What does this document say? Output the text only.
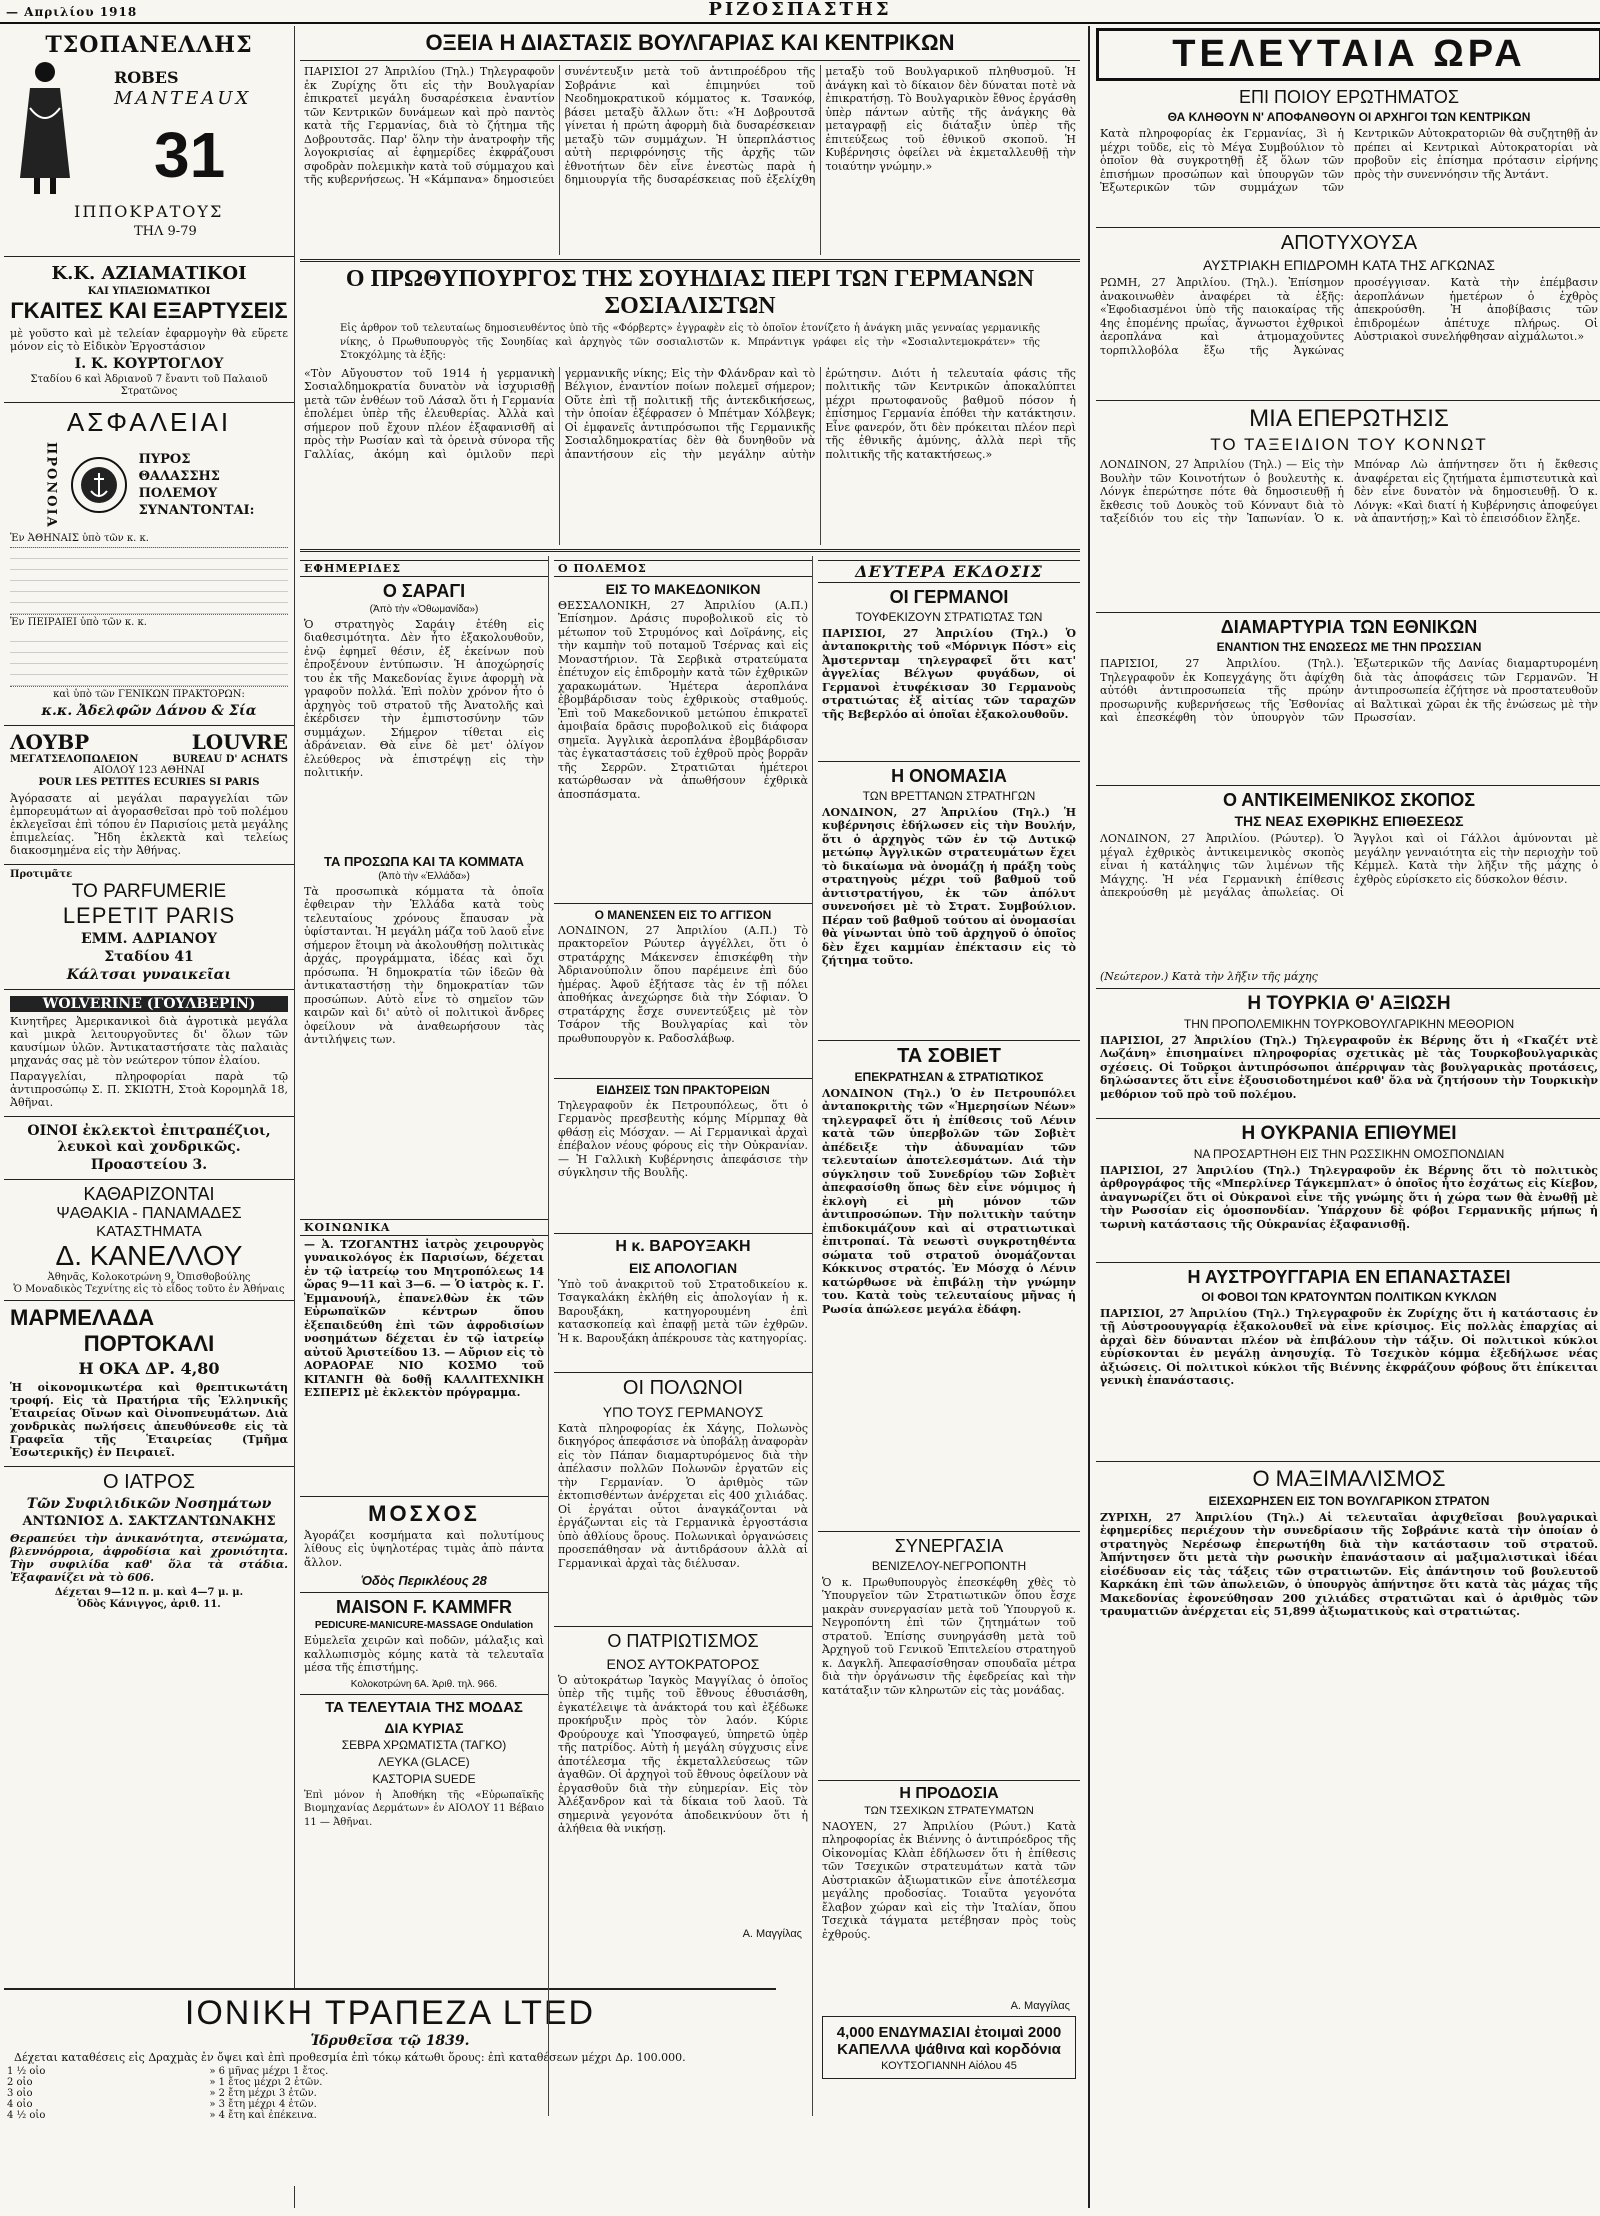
— Απριλίου 1918	ΡΙΖΟΣΠΑΣΤΗΣ
ΤΣΟΠΑΝΕΛΛΗΣ
ROBES
MANTEAUX
31
ΙΠΠΟΚΡΑΤΟΥΣ
ΤΗΛ 9-79
Κ.Κ. ΑΖΙΑΜΑΤΙΚΟΙ
ΚΑΙ ΥΠΑΞΙΩΜΑΤΙΚΟΙ
ΓΚΑΙΤΕΣ ΚΑΙ ΕΞΑΡΤΥΣΕΙΣ
μὲ γοῦστο καὶ μὲ τελείαν ἐφαρμογὴν θὰ εὕρετε μόνον εἰς τὸ Εἰδικὸν Ἐργοστάσιον
Ι. Κ. ΚΟΥΡΤΟΓΛΟΥ
Σταδίου 6 καὶ Ἀδριανοῦ 7 ἔναντι τοῦ Παλαιοῦ Στρατῶνος
ΑΣΦΑΛΕΙΑΙ
ΠΡΟΝΟΙΑ	ΠΥΡΟΣ
ΘΑΛΑΣΣΗΣ
ΠΟΛΕΜΟΥ
ΣΥΝΑΝΤΟΝΤΑΙ:
Ἐν ἈΘΗΝΑΙΣ ὑπὸ τῶν κ. κ.
Ἐν ΠΕΙΡΑΙΕΙ ὑπὸ τῶν κ. κ.
καὶ ὑπὸ τῶν ΓΕΝΙΚΩΝ ΠΡΑΚΤΟΡΩΝ:
κ.κ. Ἀδελφῶν Δάνου & Σία
ΛΟΥΒΡ	LOUVRE
ΜΕΓΑΤΣΕΛΟΠΩΛΕΙΟΝ	BUREAU D' ACHATS
ΑΙΟΛΟΥ 123 ΑΘΗΝΑΙ
POUR LES PETITES ECURIES SI PARIS
Ἀγόρασατε αἱ μεγάλαι παραγγελίαι τῶν ἐμπορευμάτων αἱ ἀγορασθεῖσαι πρὸ τοῦ πολέμου ἐκλεγεῖσαι ἐπὶ τόπου ἐν Παρισίοις μετὰ μεγάλης ἐπιμελείας. Ἤδη ἐκλεκτὰ καὶ τελείως διακοσμημένα εἰς τὴν Ἀθήνας.
Προτιμᾶτε
TO PARFUMERIE
LEPETIT PARIS
ΕΜΜ. ΑΔΡΙΑΝΟΥ
Σταδίου 41
Κάλτσαι γυναικεῖαι
WOLVERINE (ΓΟΥΛΒΕΡΙΝ)
Κινητῆρες Ἀμερικανικοὶ διὰ ἀγροτικὰ μεγάλα καὶ μικρὰ λειτουργοῦντες δι' ὅλων τῶν καυσίμων ὑλῶν. Ἀντικαταστήσατε τὰς παλαιὰς μηχανάς σας μὲ τὸν νεώτερον τύπον ἐλαίου.
Παραγγελίαι, πληροφορίαι παρὰ τῷ ἀντιπροσώπῳ Σ. Π. ΣΚΙΩΤΗ, Στοὰ Κορομηλᾶ 18, Ἀθῆναι.
ΟΙΝΟΙ ἐκλεκτοὶ ἐπιτραπέζιοι, λευκοὶ καὶ χονδρικῶς.
Προαστείου 3.
ΚΑΘΑΡΙΖΟΝΤΑΙ
ΨΑΘΑΚΙΑ - ΠΑΝΑΜΑΔΕΣ
ΚΑΤΑΣΤΗΜΑΤΑ
Δ. ΚΑΝΕΛΛΟΥ
Ἀθηνᾶς, Κολοκοτρώνη 9, Ὀπισθοβούλης
Ὁ Μοναδικὸς Τεχνίτης εἰς τὸ εἶδος τοῦτο ἐν Ἀθήναις
ΜΑΡΜΕΛΑΔΑ
ΠΟΡΤΟΚΑΛΙ
Η ΟΚΑ ΔΡ. 4,80
Ἡ οἰκονομικωτέρα καὶ θρεπτικωτάτη τροφή. Εἰς τὰ Πρατήρια τῆς Ἑλληνικῆς Ἑταιρείας Οἴνων καὶ Οἰνοπνευμάτων. Διὰ χονδρικὰς πωλήσεις ἀπευθύνεσθε εἰς τὰ Γραφεῖα τῆς Ἑταιρείας (Τμῆμα Ἐσωτερικῆς) ἐν Πειραιεῖ.
Ο ΙΑΤΡΟΣ
Τῶν Συφιλιδικῶν Νοσημάτων
ΑΝΤΩΝΙΟΣ Δ. ΣΑΚΤΖΑΝΤΩΝΑΚΗΣ
Θεραπεύει τὴν ἀνικανότητα, στενώματα, βλεννόρροια, ἀφροδίσια καὶ χρονιότητα. Τὴν συφιλίδα καθ' ὅλα τὰ στάδια. Ἐξαφανίζει νὰ τὸ 606.
Δέχεται 9—12 π. μ. καὶ 4—7 μ. μ.
Ὁδὸς Κάνιγγος, ἀριθ. 11.
ΙΟΝΙΚΗ ΤΡΑΠΕΖΑ LTED
Ἱδρυθεῖσα τῷ 1839.
Δέχεται καταθέσεις εἰς Δραχμὰς ἐν ὄψει καὶ ἐπὶ προθεσμία ἐπὶ τόκῳ κάτωθι ὅρους: ἐπὶ καταθέσεων μέχρι Δρ. 100.000.
1 ½ οἰο	» 6 μῆνας μέχρι 1 ἔτος.
2 οἰο	» 1 ἔτος μέχρι 2 ἐτῶν.
3 οἰο	» 2 ἔτη μέχρι 3 ἐτῶν.
4 οἰο	» 3 ἔτη μέχρι 4 ἐτῶν.
4 ½ οἰο	» 4 ἔτη καὶ ἐπέκεινα.
ΟΞΕΙΑ Η ΔΙΑΣΤΑΣΙΣ ΒΟΥΛΓΑΡΙΑΣ ΚΑΙ ΚΕΝΤΡΙΚΩΝ
ΠΑΡΙΣΙΟΙ 27 Ἀπριλίου (Τηλ.) Τηλεγραφοῦν ἐκ Ζυρίχης ὅτι εἰς τὴν Βουλγαρίαν ἐπικρατεῖ μεγάλη δυσαρέσκεια ἐναντίον τῶν Κεντρικῶν δυνάμεων καὶ πρὸ παντὸς κατὰ τῆς Γερμανίας, διὰ τὸ ζήτημα τῆς Δοβρουτσᾶς. Παρ' ὅλην τὴν ἀνατροφὴν τῆς λογοκρισίας αἱ ἐφημερίδες ἐκφράζουσι σφοδρὰν πολεμικὴν κατὰ τοῦ σύμμαχου καὶ τῆς κυβερνήσεως. Ἡ «Κάμπανα» δημοσιεύει συνέντευξιν μετὰ τοῦ ἀντιπροέδρου τῆς Σοβράνιε καὶ ἐπιμηνύει τοῦ Νεοδημοκρατικοῦ κόμματος κ. Τσανκόφ, βάσει μεταξὺ ἄλλων ὅτι: «Ἡ Δοβρουτσᾶ γίνεται ἡ πρώτη ἀφορμὴ διὰ δυσαρέσκειαν μεταξὺ τῶν συμμάχων. Ἡ ὑπερπλάστιος αὐτὴ περιφρόνησις τῆς ἀρχῆς τῶν ἐθνοτήτων δὲν εἶνε ἐνεστὼς παρὰ ἡ δημιουργία τῆς δυσαρέσκειας ποῦ ἐξελίχθη μεταξὺ τοῦ Βουλγαρικοῦ πληθυσμοῦ. Ἡ ἀνάγκη καὶ τὸ δίκαιον δὲν δύναται ποτὲ νὰ ἐπικρατήσῃ. Τὸ Βουλγαρικὸν ἔθνος ἐργάσθη ὑπὲρ πάντων αὐτῆς τῆς ἀνάγκης θὰ μεταγραφῇ εἰς διάταξιν ὑπὲρ τῆς ἐπιτεύξεως τοῦ ἐθνικοῦ σκοποῦ. Ἡ Κυβέρνησις ὀφείλει νὰ ἐκμεταλλευθῇ τὴν τοιαύτην γνώμην.»
Ο ΠΡΩΘΥΠΟΥΡΓΟΣ ΤΗΣ ΣΟΥΗΔΙΑΣ ΠΕΡΙ ΤΩΝ ΓΕΡΜΑΝΩΝ ΣΟΣΙΑΛΙΣΤΩΝ
Εἰς ἀρθρον τοῦ τελευταίως δημοσιευθέντος ὑπὸ τῆς «Φόρβερτς» ἐγγραφὲν εἰς τὸ ὁποῖον ἐτονίζετο ἡ ἀνάγκη μιᾶς γενναίας γερμανικῆς νίκης, ὁ Πρωθυπουργὸς τῆς Σουηδίας καὶ ἀρχηγὸς τῶν σοσιαλιστῶν κ. Μπράντιγκ γράφει εἰς τὴν «Σοσιαλντεμοκράτεν» τῆς Στοκχόλμης τὰ ἑξῆς:
«Τὸν Αὔγουστον τοῦ 1914 ἡ γερμανικὴ Σοσιαλδημοκρατία δυνατὸν νὰ ἰσχυρισθῇ μετὰ τῶν ἐνθέων τοῦ Λάσαλ ὅτι ἡ Γερμανία ἐπολέμει ὑπὲρ τῆς ἐλευθερίας. Ἀλλὰ καὶ σήμερον ποῦ ἔχουν πλέον ἐξαφανισθῆ αἱ πρὸς τὴν Ρωσίαν καὶ τὰ ὁρεινὰ σύνορα τῆς Γαλλίας, ἀκόμη καὶ ὁμιλοῦν περὶ γερμανικῆς νίκης; Εἰς τὴν Φλάνδραν καὶ τὸ Βέλγιον, ἐναντίον ποίων πολεμεῖ σήμερον; Οὔτε ἐπὶ τῇ πολιτικῇ τῆς ἀντεκδικήσεως, τὴν ὁποίαν ἐξέφρασεν ὁ Μπέτμαν Χόλβεγκ; Οἱ ἐμφανεῖς ἀντιπρόσωποι τῆς Γερμανικῆς Σοσιαλδημοκρατίας δὲν θὰ δυνηθοῦν νὰ ἀπαντήσουν εἰς τὴν μεγάλην αὐτὴν ἐρώτησιν. Διότι ἡ τελευταία φάσις τῆς πολιτικῆς τῶν Κεντρικῶν ἀποκαλύπτει μέχρι πρωτοφανοῦς βαθμοῦ πόσον ἡ ἐπίσημος Γερμανία ἐπόθει τὴν κατάκτησιν. Εἶνε φανερόν, ὅτι δὲν πρόκειται πλέον περὶ τῆς ἐθνικῆς ἀμύνης, ἀλλὰ περὶ τῆς πολιτικῆς τῆς κατακτήσεως.»
ΕΦΗΜΕΡΙΔΕΣ
Ο ΣΑΡΑΓΙ
(Ἀπὸ τὴν «Ὀθωμανίδα»)
Ὁ στρατηγὸς Σαράιγ ἐτέθη εἰς διαθεσιμότητα. Δὲν ἦτο ἐξακολουθοῦν, ἐνῷ ἐφημεῖ θέσιν, ἐξ ἐκείνων ποὺ ἐπροξένουν ἐντύπωσιν. Ἡ ἀποχώρησίς του ἐκ τῆς Μακεδονίας ἔγινε ἀφορμὴ νὰ γραφοῦν πολλά. Ἐπὶ πολὺν χρόνον ἦτο ὁ ἀρχηγὸς τοῦ στρατοῦ τῆς Ἀνατολῆς καὶ ἐκέρδισεν τὴν ἐμπιστοσύνην τῶν συμμάχων. Σήμερον τίθεται εἰς ἀδράνειαν. Θὰ εἶνε δὲ μετ' ὀλίγον ἐλεύθερος νὰ ἐπιστρέψῃ εἰς τὴν πολιτικήν.
ΤΑ ΠΡΟΣΩΠΑ ΚΑΙ ΤΑ ΚΟΜΜΑΤΑ
(Ἀπὸ τὴν «Ἑλλάδα»)
Τὰ προσωπικὰ κόμματα τὰ ὁποῖα ἐφθειραν τὴν Ἑλλάδα κατὰ τοὺς τελευταίους χρόνους ἔπαυσαν νὰ ὑφίστανται. Ἡ μεγάλη μάζα τοῦ λαοῦ εἶνε σήμερον ἕτοιμη νὰ ἀκολουθήσῃ πολιτικὰς ἀρχάς, προγράμματα, ἰδέας καὶ ὄχι πρόσωπα. Ἡ δημοκρατία τῶν ἰδεῶν θὰ ἀντικαταστήσῃ τὴν δημοκρατίαν τῶν προσώπων. Αὐτὸ εἶνε τὸ σημεῖον τῶν καιρῶν καὶ δι' αὐτὸ οἱ πολιτικοὶ ἄνδρες ὀφείλουν νὰ ἀναθεωρήσουν τὰς ἀντιλήψεις των.
ΚΟΙΝΩΝΙΚΑ
— Ἀ. ΤΖΟΓΑΝΤΗΣ ἰατρὸς χειρουργὸς γυναικολόγος ἐκ Παρισίων, δέχεται ἐν τῷ ἰατρείῳ του Μητροπόλεως 14 ὥρας 9—11 καὶ 3—6. — Ὁ ἰατρὸς κ. Γ. Ἐμμανουήλ, ἐπανελθὼν ἐκ τῶν Εὐρωπαϊκῶν κέντρων ὅπου ἐξεπαιδεύθη ἐπὶ τῶν ἀφροδισίων νοσημάτων δέχεται ἐν τῷ ἰατρείῳ αὐτοῦ Ἀριστείδου 13. — Αὔριον εἰς τὸ ΑΟΡΑΟΡΑΕ ΝΙΟ ΚΟΣΜΟ τοῦ ΚΙΤΑΝΓΗ θὰ δοθῇ ΚΑΛΛΙΤΕΧΝΙΚΗ ΕΣΠΕΡΙΣ μὲ ἐκλεκτὸν πρόγραμμα.
ΜΟΣΧΟΣ
Ἀγοράζει κοσμήματα καὶ πολυτίμους λίθους εἰς ὑψηλοτέρας τιμὰς ἀπὸ πάντα ἄλλον.
Ὁδὸς Περικλέους 28
MAISON F. KAMMFR
PEDICURE-MANICURE-MASSAGE Ondulation
Εὐμελεῖα χειρῶν καὶ ποδῶν, μάλαξις καὶ καλλωπισμὸς κόμης κατὰ τὰ τελευταῖα μέσα τῆς ἐπιστήμης.
Κολοκοτρώνη 6Α. Ἀριθ. τηλ. 966.
ΤΑ ΤΕΛΕΥΤΑΙΑ ΤΗΣ ΜΟΔΑΣ
ΔΙΑ ΚΥΡΙΑΣ
ΣΕΒΡΑ ΧΡΩΜΑΤΙΣΤΑ (ΤΑΓΚΟ)
ΛΕΥΚΑ (GLACE)
ΚΑΣΤΟΡΙΑ SUEDE
Ἐπὶ μόνον ἡ Ἀποθήκη τῆς «Εὐρωπαϊκῆς Βιομηχανίας Δερμάτων» ἐν ΑΙΟΛΟΥ 11 Βέβαιο 11 — Ἀθῆναι.
Ο ΠΟΛΕΜΟΣ
ΕΙΣ ΤΟ ΜΑΚΕΔΟΝΙΚΟΝ
ΘΕΣΣΑΛΟΝΙΚΗ, 27 Ἀπριλίου (Α.Π.) Ἐπίσημον. Δράσις πυροβολικοῦ εἰς τὸ μέτωπον τοῦ Στρυμόνος καὶ Δοϊράνης, εἰς τὴν καμπὴν τοῦ ποταμοῦ Τσέρνας καὶ εἰς Μοναστήριον. Τὰ Σερβικὰ στρατεύματα ἐπέτυχον εἰς ἐπιδρομὴν κατὰ τῶν ἐχθρικῶν χαρακωμάτων. Ἡμέτερα ἀεροπλάνα ἐβομβάρδισαν τοὺς ἐχθρικοὺς σταθμούς. Ἐπὶ τοῦ Μακεδονικοῦ μετώπου ἐπικρατεῖ ἀμοιβαία δρᾶσις πυροβολικοῦ εἰς διάφορα σημεῖα. Ἀγγλικὰ ἀεροπλάνα ἐβομβάρδισαν τὰς ἐγκαταστάσεις τοῦ ἐχθροῦ πρὸς βορρᾶν τῆς Σερρῶν. Στρατιῶται ἡμέτεροι κατώρθωσαν νὰ ἀπωθήσουν ἐχθρικὰ ἀποσπάσματα.
Ο ΜΑΝΕΝΣΕΝ ΕΙΣ ΤΟ ΑΓΓΙΣΟΝ
ΛΟΝΔΙΝΟΝ, 27 Ἀπριλίου (Α.Π.) Τὸ πρακτορεῖον Ρώυτερ ἀγγέλλει, ὅτι ὁ στρατάρχης Μάκενσεν ἐπισκέφθη τὴν Ἀδριανούπολιν ὅπου παρέμεινε ἐπὶ δύο ἡμέρας. Ἀφοῦ ἐξήτασε τὰς ἐν τῇ πόλει ἀποθήκας ἀνεχώρησε διὰ τὴν Σόφιαν. Ὁ στρατάρχης ἔσχε συνεντεύξεις μὲ τὸν Τσάρον τῆς Βουλγαρίας καὶ τὸν πρωθυπουργὸν κ. Ραδοσλάβωφ.
ΕΙΔΗΣΕΙΣ ΤΩΝ ΠΡΑΚΤΟΡΕΙΩΝ
Τηλεγραφοῦν ἐκ Πετρουπόλεως, ὅτι ὁ Γερμανὸς πρεσβευτὴς κόμης Μίρμπαχ θὰ φθάσῃ εἰς Μόσχαν. — Αἱ Γερμανικαὶ ἀρχαὶ ἐπέβαλον νέους φόρους εἰς τὴν Οὐκρανίαν. — Ἡ Γαλλικὴ Κυβέρνησις ἀπεφάσισε τὴν σύγκλησιν τῆς Βουλῆς.
Η κ. ΒΑΡΟΥΞΑΚΗ
ΕΙΣ ΑΠΟΛΟΓΙΑΝ
Ὑπὸ τοῦ ἀνακριτοῦ τοῦ Στρατοδικείου κ. Τσαγκαλάκη ἐκλήθη εἰς ἀπολογίαν ἡ κ. Βαρουξάκη, κατηγορουμένη ἐπὶ κατασκοπείᾳ καὶ ἐπαφῇ μετὰ τῶν ἐχθρῶν. Ἡ κ. Βαρουξάκη ἀπέκρουσε τὰς κατηγορίας.
ΟΙ ΠΟΛΩΝΟΙ
ΥΠΟ ΤΟΥΣ ΓΕΡΜΑΝΟΥΣ
Κατὰ πληροφορίας ἐκ Χάγης, Πολωνὸς δικηγόρος ἀπεφάσισε νὰ ὑποβάλῃ ἀναφορὰν εἰς τὸν Πάπαν διαμαρτυρόμενος διὰ τὴν ἀπέλασιν πολλῶν Πολωνῶν ἐργατῶν εἰς τὴν Γερμανίαν. Ὁ ἀριθμὸς τῶν ἐκτοπισθέντων ἀνέρχεται εἰς 400 χιλιάδας. Οἱ ἐργάται οὗτοι ἀναγκάζονται νὰ ἐργάζωνται εἰς τὰ Γερμανικὰ ἐργοστάσια ὑπὸ ἀθλίους ὅρους. Πολωνικαὶ ὀργανώσεις προσεπάθησαν νὰ ἀντιδράσουν ἀλλὰ αἱ Γερμανικαὶ ἀρχαὶ τὰς διέλυσαν.
Ο ΠΑΤΡΙΩΤΙΣΜΟΣ
ΕΝΟΣ ΑΥΤΟΚΡΑΤΟΡΟΣ
Ὁ αὐτοκράτωρ Ἰαγκὸς Μαγγίλας ὁ ὁποῖος ὑπὲρ τῆς τιμῆς τοῦ ἔθνους ἐθυσιάσθη, ἐγκατέλειψε τὰ ἀνάκτορά του καὶ ἐξέδωκε προκήρυξιν πρὸς τὸν λαόν. Κύριε Φρούρουχε καὶ Ὑποσφαγεύ, ὑπηρετῶ ὑπὲρ τῆς πατρίδος. Αὐτὴ ἡ μεγάλη σύγχυσις εἶνε ἀποτέλεσμα τῆς ἐκμεταλλεύσεως τῶν ἀγαθῶν. Οἱ ἀρχηγοὶ τοῦ ἔθνους ὀφείλουν νὰ ἐργασθοῦν διὰ τὴν εὐημερίαν. Εἰς τὸν Ἀλέξανδρον καὶ τὰ δίκαια τοῦ λαοῦ. Τὰ σημερινὰ γεγονότα ἀποδεικνύουν ὅτι ἡ ἀλήθεια θὰ νικήσῃ.
Α. Μαγγίλας
ΔΕΥΤΕΡΑ ΕΚΔΟΣΙΣ
ΟΙ ΓΕΡΜΑΝΟΙ
ΤΟΥΦΕΚΙΖΟΥΝ ΣΤΡΑΤΙΩΤΑΣ ΤΩΝ
ΠΑΡΙΣΙΟΙ, 27 Ἀπριλίου (Τηλ.) Ὁ ἀνταποκριτὴς τοῦ «Μόρνιγκ Πόστ» εἰς Ἀμστερνταμ τηλεγραφεῖ ὅτι κατ' ἀγγελίας Βέλγων φυγάδων, οἱ Γερμανοὶ ἐτυφέκισαν 30 Γερμανοὺς στρατιώτας ἐξ αἰτίας τῶν ταραχῶν τῆς Βεβερλόο αἱ ὁποῖαι ἐξακολουθοῦν.
Η ΟΝΟΜΑΣΙΑ
ΤΩΝ ΒΡΕΤΤΑΝΩΝ ΣΤΡΑΤΗΓΩΝ
ΛΟΝΔΙΝΟΝ, 27 Ἀπριλίου (Τηλ.) Ἡ κυβέρνησις ἐδήλωσεν εἰς τὴν Βουλήν, ὅτι ὁ ἀρχηγὸς τῶν ἐν τῷ Δυτικῷ μετώπῳ Ἀγγλικῶν στρατευμάτων ἔχει τὸ δικαίωμα νὰ ὀνομάζῃ ἡ πράξη τοὺς στρατηγοὺς μέχρι τοῦ βαθμοῦ τοῦ ἀντιστρατήγου, ἐκ τῶν ἀπόλυτ συνενοήσει μὲ τὸ Στρατ. Συμβούλιον. Πέραν τοῦ βαθμοῦ τούτου αἱ ὀνομασίαι θὰ γίνωνται ὑπὸ τοῦ ἀρχηγοῦ ὁ ὁποῖος δὲν ἔχει καμμίαν ἐπέκτασιν εἰς τὸ ζήτημα τοῦτο.
ΤΑ ΣΟΒΙΕΤ
ΕΠΕΚΡΑΤΗΣΑΝ & ΣΤΡΑΤΙΩΤΙΚΟΣ
ΛΟΝΔΙΝΟΝ (Τηλ.) Ὁ ἐν Πετρουπόλει ἀνταποκριτὴς τῶν «Ἡμερησίων Νέων» τηλεγραφεῖ ὅτι ἡ ἐπίθεσις τοῦ Λένιν κατὰ τῶν ὑπερβολῶν τῶν Σοβιὲτ ἀπέδειξε τὴν ἀδυναμίαν τῶν τελευταίων ἀποτελεσμάτων. Διά τὴν σύγκλησιν τοῦ Συνεδρίου τῶν Σοβιὲτ ἀπεφασίσθη ὅπως δὲν εἶνε νόμιμος ἡ ἐκλογὴ εἰ μὴ μόνον τῶν ἀντιπροσώπων. Τὴν πολιτικὴν ταύτην ἐπιδοκιμάζουν καὶ αἱ στρατιωτικαὶ ἐπιτροπαί. Τὰ νεωστὶ συγκροτηθέντα σώματα τοῦ στρατοῦ ὀνομάζονται Κόκκινος στρατός. Ἐν Μόσχᾳ ὁ Λένιν κατώρθωσε νὰ ἐπιβάλῃ τὴν γνώμην του. Κατὰ τοὺς τελευταίους μῆνας ἡ Ρωσία ἀπώλεσε μεγάλα ἐδάφη.
ΣΥΝΕΡΓΑΣΙΑ
ΒΕΝΙΖΕΛΟΥ-ΝΕΓΡΟΠΟΝΤΗ
Ὁ κ. Πρωθυπουργὸς ἐπεσκέφθη χθὲς τὸ Ὑπουργεῖον τῶν Στρατιωτικῶν ὅπου ἔσχε μακρὰν συνεργασίαν μετὰ τοῦ Ὑπουργοῦ κ. Νεγροπόντη ἐπὶ τῶν ζητημάτων τοῦ στρατοῦ. Ἐπίσης συνηργάσθη μετὰ τοῦ Ἀρχηγοῦ τοῦ Γενικοῦ Ἐπιτελείου στρατηγοῦ κ. Δαγκλῆ. Ἀπεφασίσθησαν σπουδαῖα μέτρα διὰ τὴν ὀργάνωσιν τῆς ἐφεδρείας καὶ τὴν κατάταξιν τῶν κληρωτῶν εἰς τὰς μονάδας.
Η ΠΡΟΔΟΣΙΑ
ΤΩΝ ΤΣΕΧΙΚΩΝ ΣΤΡΑΤΕΥΜΑΤΩΝ
ΝΑΟΥΕΝ, 27 Ἀπριλίου (Ρώυτ.) Κατὰ πληροφορίας ἐκ Βιέννης ὁ ἀντιπρόεδρος τῆς Οἰκονομίας Κλὰπ ἐδήλωσεν ὅτι ἡ ἐπίθεσις τῶν Τσεχικῶν στρατευμάτων κατὰ τῶν Αὐστριακῶν ἀξιωματικῶν εἶνε ἀποτέλεσμα μεγάλης προδοσίας. Τοιαῦτα γεγονότα ἔλαβον χώραν καὶ εἰς τὴν Ἰταλίαν, ὅπου Τσεχικὰ τάγματα μετέβησαν πρὸς τοὺς ἐχθρούς.
Α. Μαγγίλας
4,000 ΕΝΔΥΜΑΣΙΑΙ ἐτοιμαὶ 2000 ΚΑΠΕΛΛΑ ψάθινα καὶ κορδόνια
ΚΟΥΤΣΟΓΙΑΝΝΗ Αἰόλου 45
ΤΕΛΕΥΤΑΙΑ ΩΡΑ
ΕΠΙ ΠΟΙΟΥ ΕΡΩΤΗΜΑΤΟΣ
ΘΑ ΚΛΗΘΟΥΝ Ν' ΑΠΟΦΑΝΘΟΥΝ ΟΙ ΑΡΧΗΓΟΙ ΤΩΝ ΚΕΝΤΡΙΚΩΝ
Κατὰ πληροφορίας ἐκ Γερμανίας, 3ὶ ἡ μέχρι τοῦδε, εἰς τὸ Μέγα Συμβούλιον τὸ ὁποῖον θὰ συγκροτηθῇ ἐξ ὅλων τῶν ἐπισήμων προσώπων καὶ ὑπουργῶν τῶν Ἐξωτερικῶν τῶν συμμάχων τῶν Κεντρικῶν Αὐτοκρατοριῶν θὰ συζητηθῇ ἀν πρέπει αἱ Κεντρικαὶ Αὐτοκρατορίαι νὰ προβοῦν εἰς ἐπίσημα πρότασιν εἰρήνης πρὸς τὴν συνεννόησιν τῆς Ἀντάντ.
ΑΠΟΤΥΧΟΥΣΑ
ΑΥΣΤΡΙΑΚΗ ΕΠΙΔΡΟΜΗ ΚΑΤΑ ΤΗΣ ΑΓΚΩΝΑΣ
ΡΩΜΗ, 27 Ἀπριλίου. (Τηλ.). Ἐπίσημον ἀνακοινωθὲν ἀναφέρει τὰ ἑξῆς: «Ἐφοδιασμένοι ὑπὸ τῆς παιοκαίρας τῆς 4ης ἑπομένης πρωΐας, ἄγνωστοι ἐχθρικοὶ ἀεροπλάνα καὶ ἀτμομαχοῦντες τορπιλλοβόλα ἔξω τῆς Ἀγκώνας προσέγγισαν. Κατὰ τὴν ἐπέμβασιν ἀεροπλάνων ἡμετέρων ὁ ἐχθρὸς ἀπεκρούσθη. Ἡ ἀποβίβασις τῶν ἐπιδρομέων ἀπέτυχε πλήρως. Οἱ Αὐστριακοὶ συνελήφθησαν αἰχμάλωτοι.»
ΜΙΑ ΕΠΕΡΩΤΗΣΙΣ
ΤΟ ΤΑΞΕΙΔΙΟΝ ΤΟΥ ΚΟΝΝΩΤ
ΛΟΝΔΙΝΟΝ, 27 Ἀπριλίου (Τηλ.) — Εἰς τὴν Βουλὴν τῶν Κοινοτήτων ὁ βουλευτὴς κ. Λόνγκ ἐπερώτησε πότε θὰ δημοσιευθῇ ἡ ἔκθεσις τοῦ Δουκὸς τοῦ Κόνναυτ διὰ τὸ ταξείδιόν του εἰς τὴν Ἰαπωνίαν. Ὁ κ. Μπόναρ Λὼ ἀπήντησεν ὅτι ἡ ἔκθεσις ἀναφέρεται εἰς ζητήματα ἐμπιστευτικὰ καὶ δὲν εἶνε δυνατὸν νὰ δημοσιευθῇ. Ὁ κ. Λόνγκ: «Καὶ διατί ἡ Κυβέρνησις ἀποφεύγει νὰ ἀπαντήσῃ;» Καὶ τὸ ἐπεισόδιον ἔληξε.
ΔΙΑΜΑΡΤΥΡΙΑ ΤΩΝ ΕΘΝΙΚΩΝ
ΕΝΑΝΤΙΟΝ ΤΗΣ ΕΝΩΣΕΩΣ ΜΕ ΤΗΝ ΠΡΩΣΣΙΑΝ
ΠΑΡΙΣΙΟΙ, 27 Ἀπριλίου. (Τηλ.). Τηλεγραφοῦν ἐκ Κοπεγχάγης ὅτι ἀφίχθη αὐτόθι ἀντιπροσωπεία τῆς πρώην προσωρινῆς κυβερνήσεως τῆς Ἐσθονίας καὶ ἐπεσκέφθη τὸν ὑπουργὸν τῶν Ἐξωτερικῶν τῆς Δανίας διαμαρτυρομένη διὰ τὰς ἀποφάσεις τῶν Γερμανῶν. Ἡ ἀντιπροσωπεία ἐζήτησε νὰ προστατευθοῦν αἱ Βαλτικαὶ χῶραι ἐκ τῆς ἐνώσεως μὲ τὴν Πρωσσίαν.
Ο ΑΝΤΙΚΕΙΜΕΝΙΚΟΣ ΣΚΟΠΟΣ
ΤΗΣ ΝΕΑΣ ΕΧΘΡΙΚΗΣ ΕΠΙΘΕΣΕΩΣ
ΛΟΝΔΙΝΟΝ, 27 Ἀπριλίου. (Ρώυτερ). Ὁ μέγαλ ἐχθρικὸς ἀντικειμενικὸς σκοπὸς εἶναι ἡ κατάληψις τῶν λιμένων τῆς Μάγχης. Ἡ νέα Γερμανικὴ ἐπίθεσις ἀπεκρούσθη μὲ μεγάλας ἀπωλείας. Οἱ Ἄγγλοι καὶ οἱ Γάλλοι ἀμύνονται μὲ μεγάλην γενναιότητα εἰς τὴν περιοχὴν τοῦ Κέμμελ. Κατὰ τὴν λῆξιν τῆς μάχης ὁ ἐχθρὸς εὑρίσκετο εἰς δύσκολον θέσιν.
(Νεώτερον.) Κατὰ τὴν λῆξιν τῆς μάχης
Η ΤΟΥΡΚΙΑ Θ' ΑΞΙΩΣΗ
ΤΗΝ ΠΡΟΠΟΛΕΜΙΚΗΝ ΤΟΥΡΚΟΒΟΥΛΓΑΡΙΚΗΝ ΜΕΘΟΡΙΟΝ
ΠΑΡΙΣΙΟΙ, 27 Ἀπριλίου (Τηλ.) Τηλεγραφοῦν ἐκ Βέρνης ὅτι ἡ «Γκαζέτ ντὲ Λωζάνη» ἐπισημαίνει πληροφορίας σχετικὰς μὲ τὰς Τουρκοβουλγαρικὰς σχέσεις. Οἱ Τοῦρκοι ἀντιπρόσωποι ἀπέρριψαν τὰς βουλγαρικὰς προτάσεις, δηλώσαντες ὅτι εἶνε ἐξουσιοδοτημένοι καθ' ὅλα νὰ ζητήσουν τὴν Τουρκικὴν μεθόριον τοῦ πρὸ τοῦ πολέμου.
Η ΟΥΚΡΑΝΙΑ ΕΠΙΘΥΜΕΙ
ΝΑ ΠΡΟΣΑΡΤΗΘΗ ΕΙΣ ΤΗΝ ΡΩΣΣΙΚΗΝ ΟΜΟΣΠΟΝΔΙΑΝ
ΠΑΡΙΣΙΟΙ, 27 Ἀπριλίου (Τηλ.) Τηλεγραφοῦν ἐκ Βέρνης ὅτι τὸ πολιτικὸς ἀρθρογράφος τῆς «Μπερλίνερ Τάγκεμπλατ» ὁ ὁποῖος ἦτο ἐσχάτως εἰς Κίεβον, ἀναγνωρίζει ὅτι οἱ Οὐκρανοὶ εἶνε τῆς γνώμης ὅτι ἡ χώρα των θὰ ἐνωθῇ μὲ τὴν Ρωσσίαν εἰς ὁμοσπονδίαν. Ὑπάρχουν δὲ φόβοι Γερμανικῆς μήπως ἡ τωρινὴ κατάστασις τῆς Οὐκρανίας ἐξαφανισθῇ.
Η ΑΥΣΤΡΟΥΓΓΑΡΙΑ ΕΝ ΕΠΑΝΑΣΤΑΣΕΙ
ΟΙ ΦΟΒΟΙ ΤΩΝ ΚΡΑΤΟΥΝΤΩΝ ΠΟΛΙΤΙΚΩΝ ΚΥΚΛΩΝ
ΠΑΡΙΣΙΟΙ, 27 Ἀπριλίου (Τηλ.) Τηλεγραφοῦν ἐκ Ζυρίχης ὅτι ἡ κατάστασις ἐν τῇ Αὐστροουγγαρίᾳ ἐξακολουθεῖ νὰ εἶνε κρίσιμος. Εἰς πολλὰς ἐπαρχίας αἱ ἀρχαὶ δὲν δύνανται πλέον νὰ ἐπιβάλουν τὴν τάξιν. Οἱ πολιτικοὶ κύκλοι εὑρίσκονται ἐν μεγάλῃ ἀνησυχίᾳ. Τὸ Τσεχικὸν κόμμα ἐξεδήλωσε νέας ἀξιώσεις. Οἱ πολιτικοὶ κύκλοι τῆς Βιέννης ἐκφράζουν φόβους ὅτι ἐπίκειται γενικὴ ἐπανάστασις.
Ο ΜΑΞΙΜΑΛΙΣΜΟΣ
ΕΙΣΕΧΩΡΗΣΕΝ ΕΙΣ ΤΟΝ ΒΟΥΛΓΑΡΙΚΟΝ ΣΤΡΑΤΟΝ
ΖΥΡΙΧΗ, 27 Ἀπριλίου (Τηλ.) Αἱ τελευταῖαι ἀφιχθεῖσαι βουλγαρικαὶ ἐφημερίδες περιέχουν τὴν συνεδρίασιν τῆς Σοβράνιε κατὰ τὴν ὁποίαν ὁ στρατηγὸς Νερέσωφ ἐπερωτήθη διὰ τὴν κατάστασιν τοῦ στρατοῦ. Ἀπήντησεν ὅτι μετὰ τὴν ρωσικὴν ἐπανάστασιν αἱ μαξιμαλιστικαὶ ἰδέαι εἰσέδυσαν εἰς τὰς τάξεις τῶν στρατιωτῶν. Εἰς ἀπάντησιν τοῦ βουλευτοῦ Καρκάκη ἐπὶ τῶν ἀπωλειῶν, ὁ ὑπουργὸς ἀπήντησε ὅτι κατὰ τὰς μάχας τῆς Μακεδονίας ἐφονεύθησαν 200 χιλιάδες στρατιῶται καὶ ὁ ἀριθμὸς τῶν τραυματιῶν ἀνέρχεται εἰς 51,899 ἀξιωματικοὺς καὶ στρατιώτας.
